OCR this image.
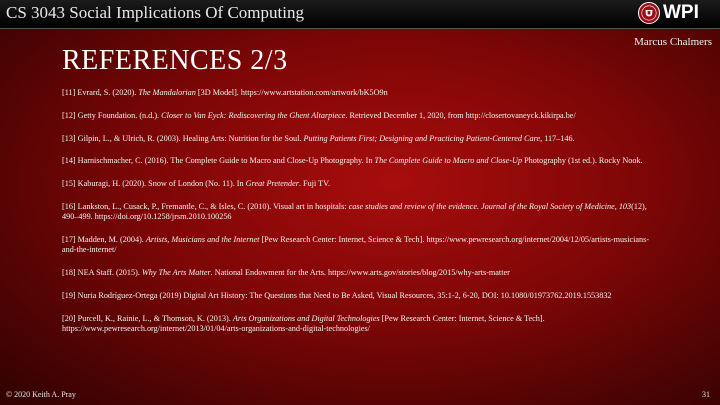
CS 3043 Social Implications Of Computing	WPI
Marcus Chalmers
REFERENCES 2/3
[11] Evrard, S. (2020). The Mandalorian [3D Model]. https://www.artstation.com/artwork/bK5O9n
[12] Getty Foundation. (n.d.). Closer to Van Eyck: Rediscovering the Ghent Altarpiece. Retrieved December 1, 2020, from http://closertovaneyck.kikirpa.be/
[13] Gilpin, L., & Ulrich, R. (2003). Healing Arts: Nutrition for the Soul. Putting Patients First; Designing and Practicing Patient-Centered Care, 117–146.
[14] Harnischmacher, C. (2016). The Complete Guide to Macro and Close-Up Photography. In The Complete Guide to Macro and Close-Up Photography (1st ed.). Rocky Nook.
[15] Kaburagi, H. (2020). Snow of London (No. 11). In Great Pretender. Fuji TV.
[16] Lankston, L., Cusack, P., Fremantle, C., & Isles, C. (2010). Visual art in hospitals: case studies and review of the evidence. Journal of the Royal Society of Medicine, 103(12), 490–499. https://doi.org/10.1258/jrsm.2010.100256
[17] Madden, M. (2004). Artists, Musicians and the Internet [Pew Research Center: Internet, Science & Tech]. https://www.pewresearch.org/internet/2004/12/05/artists-musicians-and-the-internet/
[18] NEA Staff. (2015). Why The Arts Matter. National Endowment for the Arts. https://www.arts.gov/stories/blog/2015/why-arts-matter
[19] Nuria Rodríguez-Ortega (2019) Digital Art History: The Questions that Need to Be Asked, Visual Resources, 35:1-2, 6-20, DOI: 10.1080/01973762.2019.1553832
[20] Purcell, K., Rainie, L., & Thomson, K. (2013). Arts Organizations and Digital Technologies [Pew Research Center: Internet, Science & Tech]. https://www.pewresearch.org/internet/2013/01/04/arts-organizations-and-digital-technologies/
© 2020 Keith A. Pray	31
